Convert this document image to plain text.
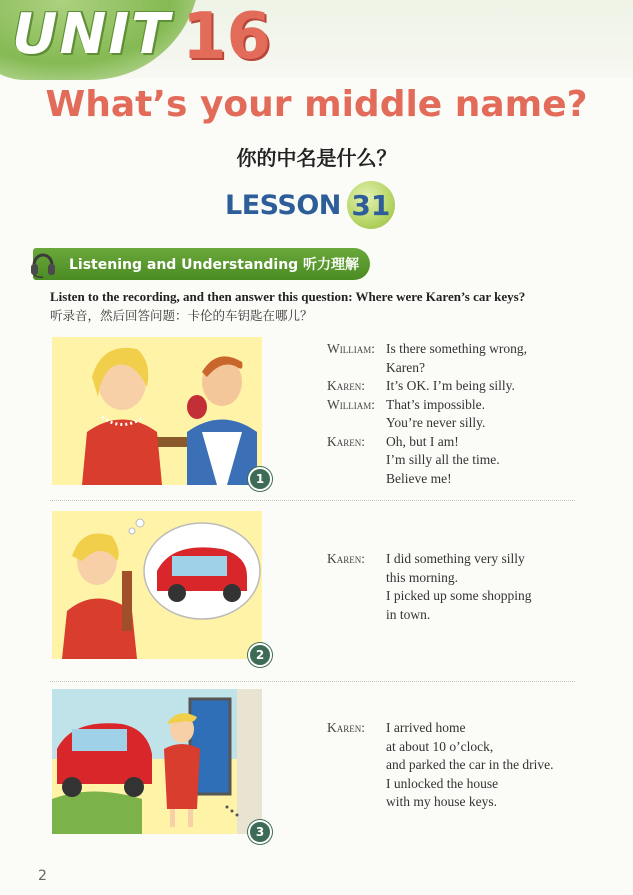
UNIT 16
What’s your middle name?
你的中名是什么？
LESSON 31
Listening and Understanding 听力理解
Listen to the recording, and then answer this question: Where were Karen’s car keys?
听录音，然后回答问题：卡伦的车钥匙在哪儿？
1
William: Is there something wrong,
Karen?
Karen:	It’s OK. I’m being silly.
William: That’s impossible.
You’re never silly.
Karen:	Oh, but I am!
I’m silly all the time.
Believe me!
2
Karen:	I did something very silly
this morning.
I picked up some shopping
in town.
3
Karen:	I arrived home
at about 10 o’clock,
and parked the car in the drive.
I unlocked the house
with my house keys.
2
